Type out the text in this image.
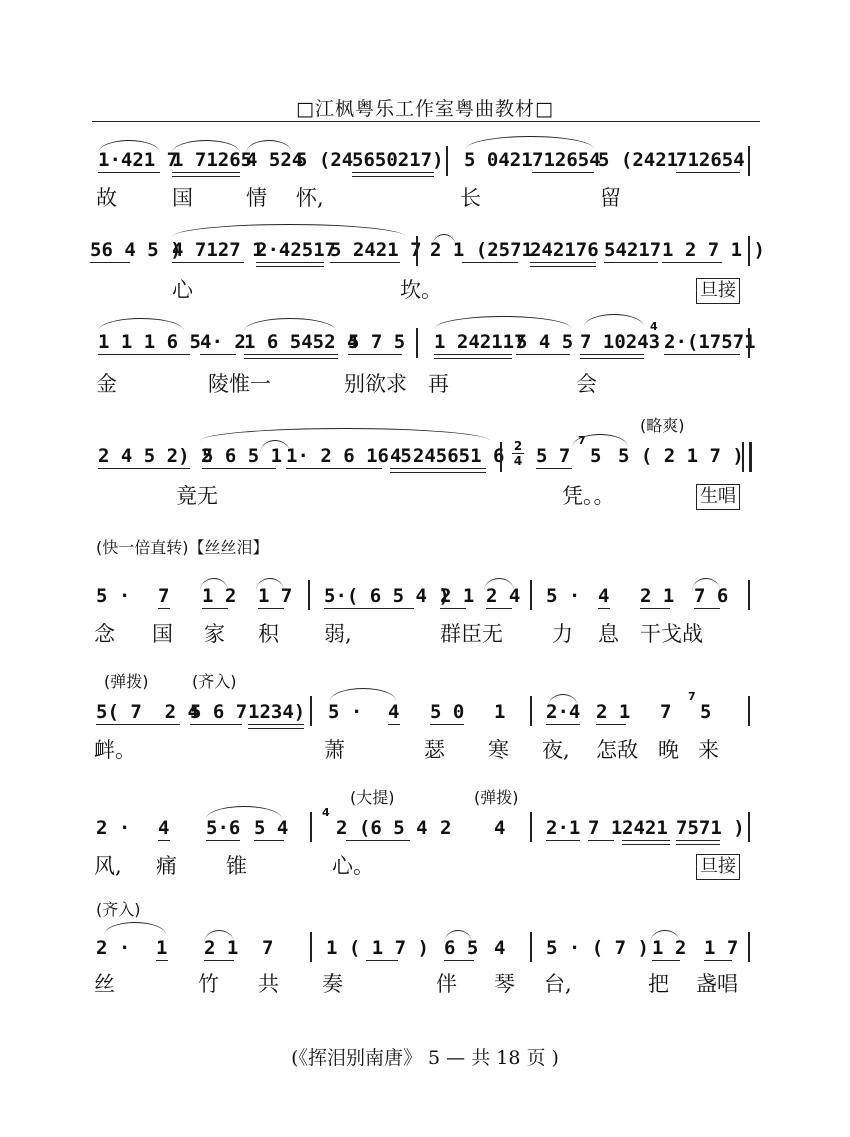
□江枫粤乐工作室粤曲教材□
1·421 7
1 71265
4 524
5 (24
5650217) 5 0421 712654
5 (2421
712654
故	国	情 怀,	长	留
56 4 5 )
4 7127 1
2·42517
5 2421 7 2 1 (2571
242176 54217 1 2 7 1 )
心	坎。	旦接
1 1 1 6 5 4· 2
1 6 5452 4
5 7 5 1 242117
5 4 5 7 10243
4
2·(17571
金	陵惟一	别欲求 再	会
(略爽)
2 4 5 2) 2
5 6 5 1 1· 2 6 16 5
4 245651 6 2
4 5 7
7
5 5 ( 2 1 7 )
竟无	凭。。	生唱
(快一倍直转)【丝丝泪】
5 · 7 1 2 1 7 5·( 6 5 4 )
2 1 2 4 5 · 4 2 1 7 6
念 国 家 积 弱,	群臣无 力 息 干戈战
(弹拨)	(齐入)
5( 7  2 4
5 6 7 1234) 5 · 4 5 0 1 2·4 2 1 7
7
5
衅。	萧	瑟 寒 夜, 怎敌 晚 来
(大提)	(弹拨)
2 · 4 5·6 5 4
4
2 (6 5 4 2 4 2·1 7 1 2421 7571 )
风, 痛 锥	心。	旦接
(齐入)
2 · 1 2 1 7	1 ( 1 7 ) 6 5 4 5 · ( 7 ) 1 2 1 7
丝	竹 共 奏	伴 琴 台,	把 盏唱
(《挥泪别南唐》 5 — 共 18 页 )
